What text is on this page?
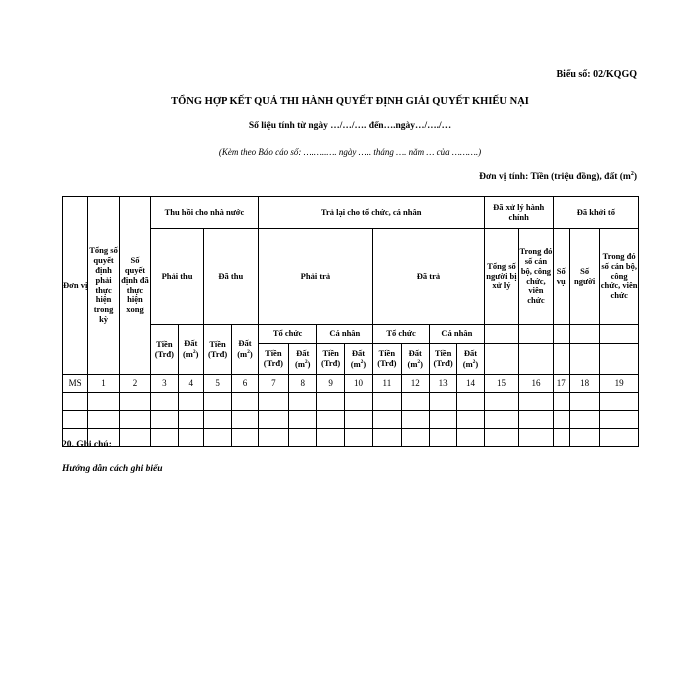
Biểu số: 02/KQGQ
TỔNG HỢP KẾT QUẢ THI HÀNH QUYẾT ĐỊNH GIẢI QUYẾT KHIẾU NẠI
Số liệu tính từ ngày …/…/…. đến….ngày…/…./…
(Kèm theo Báo cáo số: ….…..…. ngày ….. tháng …. năm … của ……….)
Đơn vị tính: Tiền (triệu đồng), đất $(m^2)$
Đơn vị	Tổng số quyết định phải thực hiện trong kỳ	Số quyết định đã thực hiện xong	Thu hồi cho nhà nước				Trả lại cho tổ chức, cá nhân								Đã xử lý hành chính		Đã khởi tố		
			Phải thu		Đã thu		Phải trả				Đã trả				Tổng số người bị xử lý	Trong đó số cán bộ, công chức, viên chức	Số vụ	Số người	Trong đó số cán bộ, công chức, viên chức
			Tiền (Trđ)	Đất $(m^2)$	Tiền (Trđ)	Đất $(m^2)$	Tổ chức		Cá nhân		Tổ chức		Cá nhân						
							Tiền (Trđ)	Đất $(m^2)$	Tiền (Trđ)	Đất $(m^2)$	Tiền (Trđ)	Đất $(m^2)$	Tiền (Trđ)	Đất $(m^2)$					
MS	1	2	3	4	5	6	7	8	9	10	11	12	13	14	15	16	17	18	19

20. Ghi chú:
Hướng dẫn cách ghi biểu
